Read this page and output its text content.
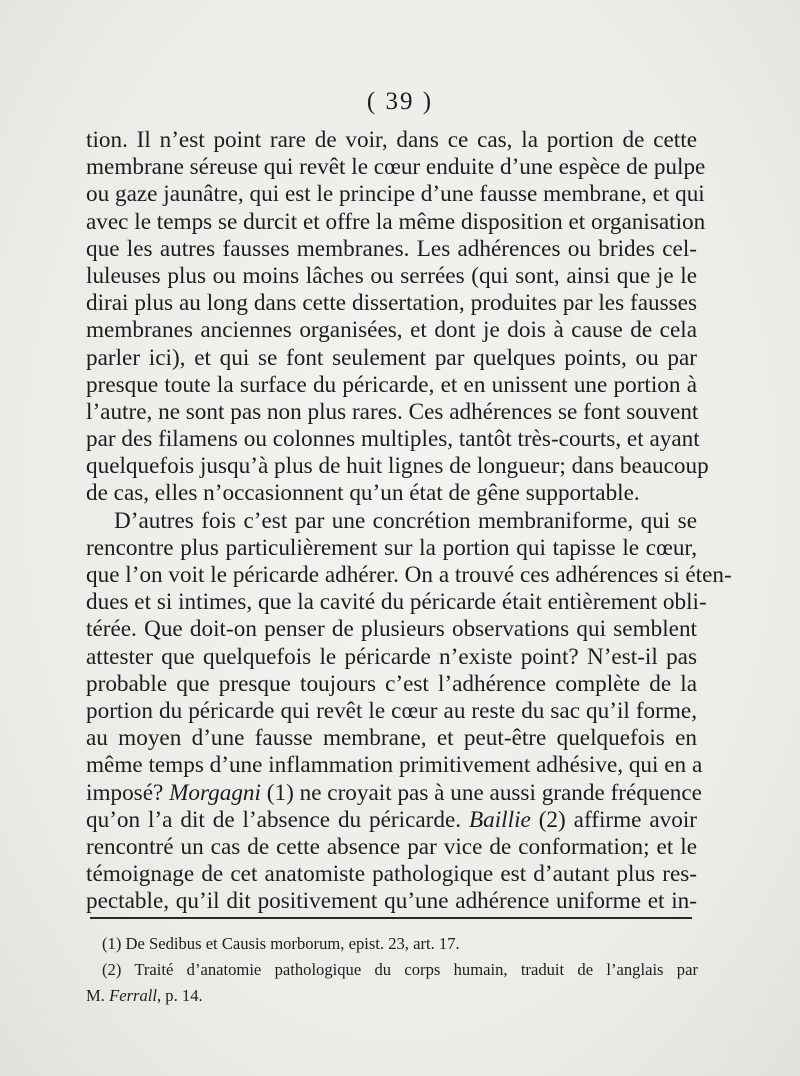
( 39 )
tion. Il n’est point rare de voir, dans ce cas, la portion de cette
membrane séreuse qui revêt le cœur enduite d’une espèce de pulpe
ou gaze jaunâtre, qui est le principe d’une fausse membrane, et qui
avec le temps se durcit et offre la même disposition et organisation
que les autres fausses membranes. Les adhérences ou brides cel-
luleuses plus ou moins lâches ou serrées (qui sont, ainsi que je le
dirai plus au long dans cette dissertation, produites par les fausses
membranes anciennes organisées, et dont je dois à cause de cela
parler ici), et qui se font seulement par quelques points, ou par
presque toute la surface du péricarde, et en unissent une portion à
l’autre, ne sont pas non plus rares. Ces adhérences se font souvent
par des filamens ou colonnes multiples, tantôt très-courts, et ayant
quelquefois jusqu’à plus de huit lignes de longueur; dans beaucoup
de cas, elles n’occasionnent qu’un état de gêne supportable.
D’autres fois c’est par une concrétion membraniforme, qui se
rencontre plus particulièrement sur la portion qui tapisse le cœur,
que l’on voit le péricarde adhérer. On a trouvé ces adhérences si éten-
dues et si intimes, que la cavité du péricarde était entièrement obli-
térée. Que doit-on penser de plusieurs observations qui semblent
attester que quelquefois le péricarde n’existe point? N’est-il pas
probable que presque toujours c’est l’adhérence complète de la
portion du péricarde qui revêt le cœur au reste du sac qu’il forme,
au moyen d’une fausse membrane, et peut-être quelquefois en
même temps d’une inflammation primitivement adhésive, qui en a
imposé? Morgagni (1) ne croyait pas à une aussi grande fréquence
qu’on l’a dit de l’absence du péricarde. Baillie (2) affirme avoir
rencontré un cas de cette absence par vice de conformation; et le
témoignage de cet anatomiste pathologique est d’autant plus res-
pectable, qu’il dit positivement qu’une adhérence uniforme et in-
(1) De Sedibus et Causis morborum, epist. 23, art. 17.
(2) Traité d’anatomie pathologique du corps humain, traduit de l’anglais par
M. Ferrall, p. 14.
